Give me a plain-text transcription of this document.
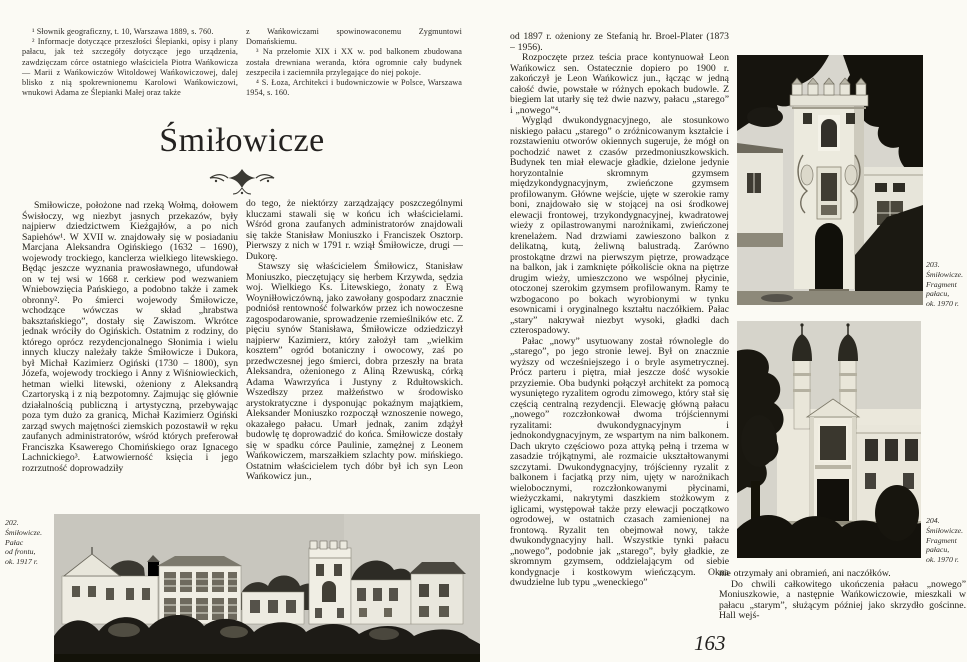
¹ Słownik geograficzny, t. 10, Warszawa 1889, s. 760.

² Informacje dotyczące przeszłości Ślepianki, opisy i plany pałacu, jak też szczegóły dotyczące jego urządzenia, zawdzięczam córce ostatniego właściciela Piotra Wańkowicza — Marii z Wańkowiczów Witoldowej Wańkowiczowej, dalej blisko z nią spokrewnionemu Karolowi Wańkowiczowi, wnukowi Adama ze Ślepianki Małej oraz także

z Wańkowiczami spowinowaconemu Zygmuntowi Domańskiemu.

³ Na przełomie XIX i XX w. pod balkonem zbudowana została drewniana weranda, która ogromnie cały budynek zeszpeciła i zaciemniła przylegające do niej pokoje.

⁴ S. Łoza, Architekci i budowniczowie w Polsce, Warszawa 1954, s. 160.

Śmiłowicze

Śmiłowicze, położone nad rzeką Wołmą, dołowem Świsłoczy, wg niezbyt jasnych przekazów, były najpierw dziedzictwem Kieżgajłów, a po nich Sapiehów¹. W XVII w. znajdowały się w posiadaniu Marcjana Aleksandra Ogińskiego (1632 – 1690), wojewody trockiego, kanclerza wielkiego litewskiego. Będąc jeszcze wyznania prawosławnego, ufundował on w tej wsi w 1668 r. cerkiew pod wezwaniem Wniebowzięcia Pańskiego, a podobno także i zamek obronny². Po śmierci wojewody Śmiłowicze, wchodzące wówczas w skład „hrabstwa baksztańskiego”, dostały się Zawiszom. Wkrótce jednak wróciły do Ogińskich. Ostatnim z rodziny, do którego oprócz rezydencjonalnego Słonimia i wielu innych kluczy należały także Śmiłowicze i Dukora, był Michał Kazimierz Ogiński (1730 – 1800), syn Józefa, wojewody trockiego i Anny z Wiśniowieckich, hetman wielki litewski, ożeniony z Aleksandrą Czartoryską i z nią bezpotomny. Zajmując się głównie działalnością publiczną i artystyczną, przebywając poza tym dużo za granicą, Michał Kazimierz Ogiński zarząd swych majętności ziemskich pozostawił w ręku zaufanych administratorów, wśród których preferował Franciszka Ksawerego Chomińskiego oraz Ignacego Lachnickiego³. Łatwowierność księcia i jego rozrzutność doprowadziły

do tego, że niektórzy zarządzający poszczególnymi kluczami stawali się w końcu ich właścicielami. Wśród grona zaufanych administratorów znajdowali się także Stanisław Moniuszko i Franciszek Osztorp. Pierwszy z nich w 1791 r. wziął Śmiłowicze, drugi — Dukorę.

Stawszy się właścicielem Śmiłowicz, Stanisław Moniuszko, pieczętujący się herbem Krzywda, sędzia woj. Wielkiego Ks. Litewskiego, żonaty z Ewą Woyniłłowiczówną, jako zawołany gospodarz znacznie podniósł rentowność folwarków przez ich nowoczesne zagospodarowanie, sprowadzenie rzemieślników etc. Z pięciu synów Stanisława, Śmiłowicze odziedziczył najpierw Kazimierz, który założył tam „wielkim kosztem” ogród botaniczny i owocowy, zaś po przedwczesnej jego śmierci, dobra przeszły na brata Aleksandra, ożenionego z Aliną Rzewuską, córką Adama Wawrzyńca i Justyny z Rdułtowskich. Wszedłszy przez małżeństwo w środowisko arystokratyczne i dysponując pokaźnym majątkiem, Aleksander Moniuszko rozpoczął wznoszenie nowego, okazałego pałacu. Umarł jednak, zanim zdążył budowlę tę doprowadzić do końca. Śmiłowicze dostały się w spadku córce Paulinie, zamężnej z Leonem Wańkowiczem, marszałkiem szlachty pow. mińskiego. Ostatnim właścicielem tych dóbr był ich syn Leon Wańkowicz jun.,

202.
Śmiłowicze.
Pałac
od frontu,
ok. 1917 r.

od 1897 r. ożeniony ze Stefanią hr. Broel-Plater (1873 – 1956).

Rozpoczęte przez teścia prace kontynuował Leon Wańkowicz sen. Ostatecznie dopiero po 1900 r. zakończył je Leon Wańkowicz jun., łącząc w jedną całość dwie, powstałe w różnych epokach budowle. Z biegiem lat utarły się też dwie nazwy, pałacu „starego” i „nowego”⁴.

Wygląd dwukondygnacyjnego, ale stosunkowo niskiego pałacu „starego” o zróżnicowanym kształcie i rozstawieniu otworów okiennych sugeruje, że mógł on pochodzić nawet z czasów przedmoniuszkowskich. Budynek ten miał elewacje gładkie, dzielone jedynie horyzontalnie skromnym gzymsem międzykondygnacyjnym, zwieńczone gzymsem profilowanym. Główne wejście, ujęte w szerokie ramy boni, znajdowało się w stojącej na osi środkowej elewacji frontowej, trzykondygnacyjnej, kwadratowej wieży z opilastrowanymi narożnikami, zwieńczonej krenelażem. Nad drzwiami zawieszono balkon z delikatną, kutą, żeliwną balustradą. Zarówno prostokątne drzwi na pierwszym piętrze, prowadzące na balkon, jak i zamknięte półkoliście okna na piętrze drugim wieży, umieszczono we wspólnej płycinie, otoczonej szerokim gzymsem profilowanym. Ramy te wzbogacono po bokach wyrobionymi w tynku esownicami i oryginalnego kształtu naczółkiem. Pałac „stary” nakrywał niezbyt wysoki, gładki dach czterospadowy.

Pałac „nowy” usytuowany został równolegle do „starego”, po jego stronie lewej. Był on znacznie wyższy od wcześniejszego i o bryle asymetrycznej. Prócz parteru i piętra, miał jeszcze dość wysokie przyziemie. Oba budynki połączył architekt za pomocą wysuniętego ryzalitem ogrodu zimowego, który stał się częścią centralną rezydencji. Elewację główną pałacu „nowego” rozczłonkował dwoma trójściennymi ryzalitami: dwukondygnacyjnym i jednokondygnacyjnym, ze wspartym na nim balkonem. Dach ukryto częściowo poza attyką pełną i trzema w zasadzie trójkątnymi, ale rozmaicie ukształtowanymi szczytami. Dwukondygnacyjny, trójścienny ryzalit z balkonem i facjatką przy nim, ujęty w narożnikach wielobocznymi, rozczłonkowanymi płycinami, wieżyczkami, nakrytymi daszkiem stożkowym z iglicami, występował także przy elewacji początkowo ogrodowej, w ostatnich czasach zamienionej na frontową. Ryzalit ten obejmował nowy, także dwukondygnacyjny hall. Wszystkie tynki pałacu „nowego”, podobnie jak „starego”, były gładkie, ze skromnym gzymsem, oddzielającym od siebie kondygnacje i kostkowym wieńczącym. Okna dwudzielne lub typu „weneckiego”

203.
Śmiłowicze.
Fragment
pałacu,
ok. 1970 r.
204.
Śmiłowicze.
Fragment
pałacu,
ok. 1970 r.

nie otrzymały ani obramień, ani naczółków.

Do chwili całkowitego ukończenia pałacu „nowego” Moniuszkowie, a następnie Wańkowiczowie, mieszkali w pałacu „starym”, służącym później jako skrzydło gościnne. Hall wejś-

163
